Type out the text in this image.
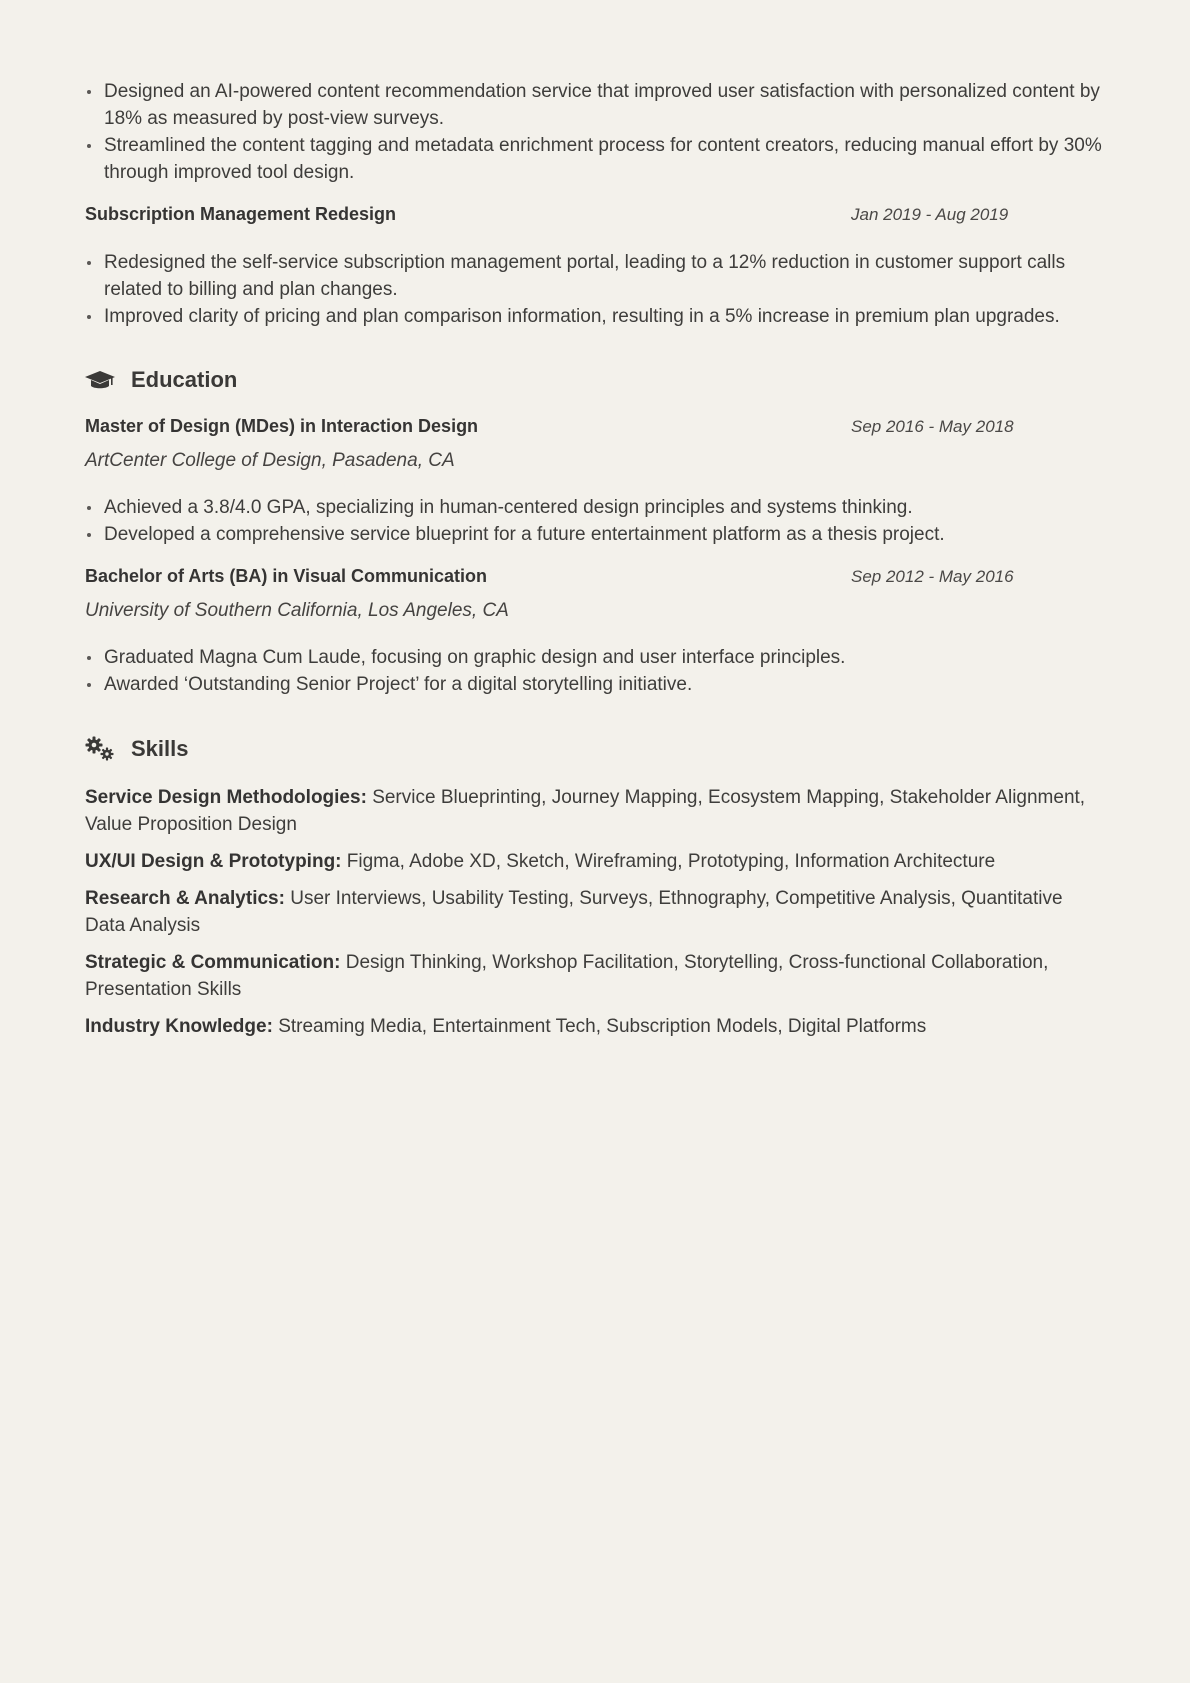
Designed an AI-powered content recommendation service that improved user satisfaction with personalized content by 18% as measured by post-view surveys.
Streamlined the content tagging and metadata enrichment process for content creators, reducing manual effort by 30% through improved tool design.
Subscription Management Redesign	Jan 2019 - Aug 2019
Redesigned the self-service subscription management portal, leading to a 12% reduction in customer support calls related to billing and plan changes.
Improved clarity of pricing and plan comparison information, resulting in a 5% increase in premium plan upgrades.
Education
Master of Design (MDes) in Interaction Design	Sep 2016 - May 2018
ArtCenter College of Design, Pasadena, CA
Achieved a 3.8/4.0 GPA, specializing in human-centered design principles and systems thinking.
Developed a comprehensive service blueprint for a future entertainment platform as a thesis project.
Bachelor of Arts (BA) in Visual Communication	Sep 2012 - May 2016
University of Southern California, Los Angeles, CA
Graduated Magna Cum Laude, focusing on graphic design and user interface principles.
Awarded ‘Outstanding Senior Project’ for a digital storytelling initiative.
Skills
Service Design Methodologies: Service Blueprinting, Journey Mapping, Ecosystem Mapping, Stakeholder Alignment, Value Proposition Design
UX/UI Design & Prototyping: Figma, Adobe XD, Sketch, Wireframing, Prototyping, Information Architecture
Research & Analytics: User Interviews, Usability Testing, Surveys, Ethnography, Competitive Analysis, Quantitative Data Analysis
Strategic & Communication: Design Thinking, Workshop Facilitation, Storytelling, Cross-functional Collaboration, Presentation Skills
Industry Knowledge: Streaming Media, Entertainment Tech, Subscription Models, Digital Platforms
